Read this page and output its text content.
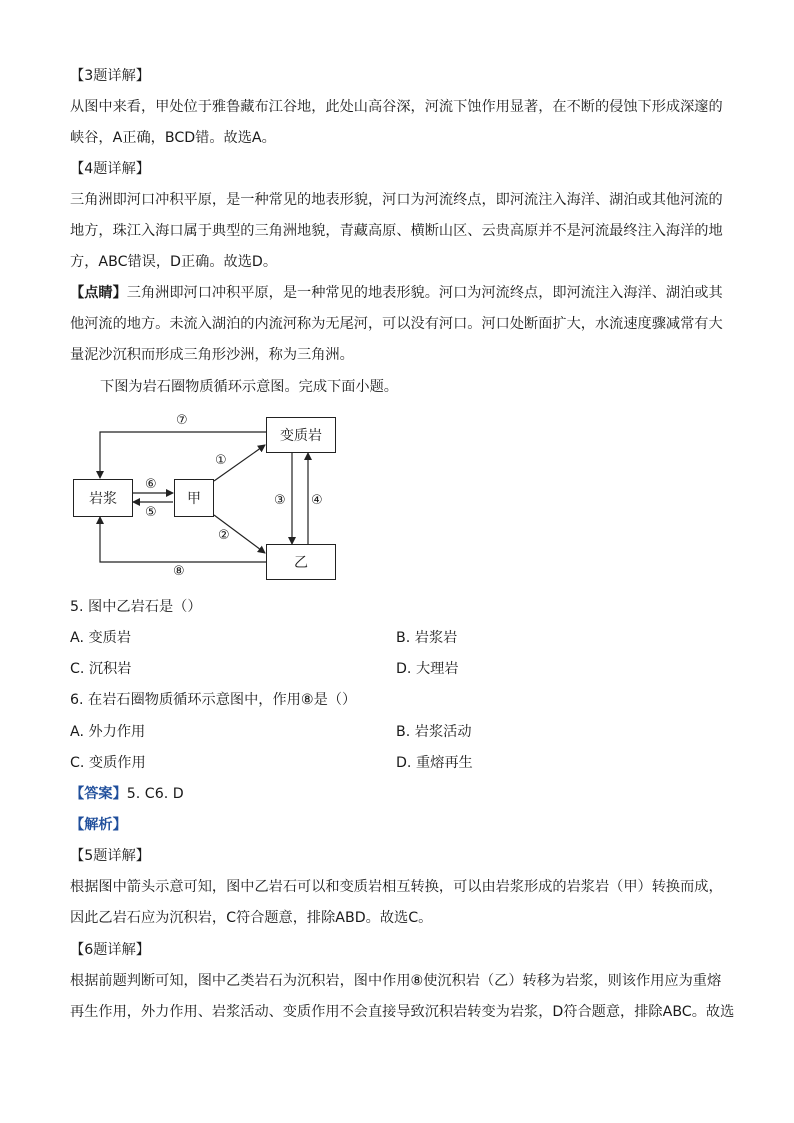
【3题详解】
从图中来看，甲处位于雅鲁藏布江谷地，此处山高谷深，河流下蚀作用显著，在不断的侵蚀下形成深邃的
峡谷，A正确，BCD错。故选A。
【4题详解】
三角洲即河口冲积平原，是一种常见的地表形貌，河口为河流终点，即河流注入海洋、湖泊或其他河流的
地方，珠江入海口属于典型的三角洲地貌，青藏高原、横断山区、云贵高原并不是河流最终注入海洋的地
方，ABC错误，D正确。故选D。
【点睛】三角洲即河口冲积平原，是一种常见的地表形貌。河口为河流终点，即河流注入海洋、湖泊或其
他河流的地方。未流入湖泊的内流河称为无尾河，可以没有河口。河口处断面扩大，水流速度骤减常有大
量泥沙沉积而形成三角形沙洲，称为三角洲。
下图为岩石圈物质循环示意图。完成下面小题。
岩浆	甲
变质岩
乙
⑦
⑥
⑤
①
②
③ ④
⑧
5. 图中乙岩石是（）
A. 变质岩	B. 岩浆岩
C. 沉积岩	D. 大理岩
6. 在岩石圈物质循环示意图中，作用⑧是（）
A. 外力作用	B. 岩浆活动
C. 变质作用	D. 重熔再生
【答案】5. C6. D
【解析】
【5题详解】
根据图中箭头示意可知，图中乙岩石可以和变质岩相互转换，可以由岩浆形成的岩浆岩（甲）转换而成，
因此乙岩石应为沉积岩，C符合题意，排除ABD。故选C。
【6题详解】
根据前题判断可知，图中乙类岩石为沉积岩，图中作用⑧使沉积岩（乙）转移为岩浆，则该作用应为重熔
再生作用，外力作用、岩浆活动、变质作用不会直接导致沉积岩转变为岩浆，D符合题意，排除ABC。故选
